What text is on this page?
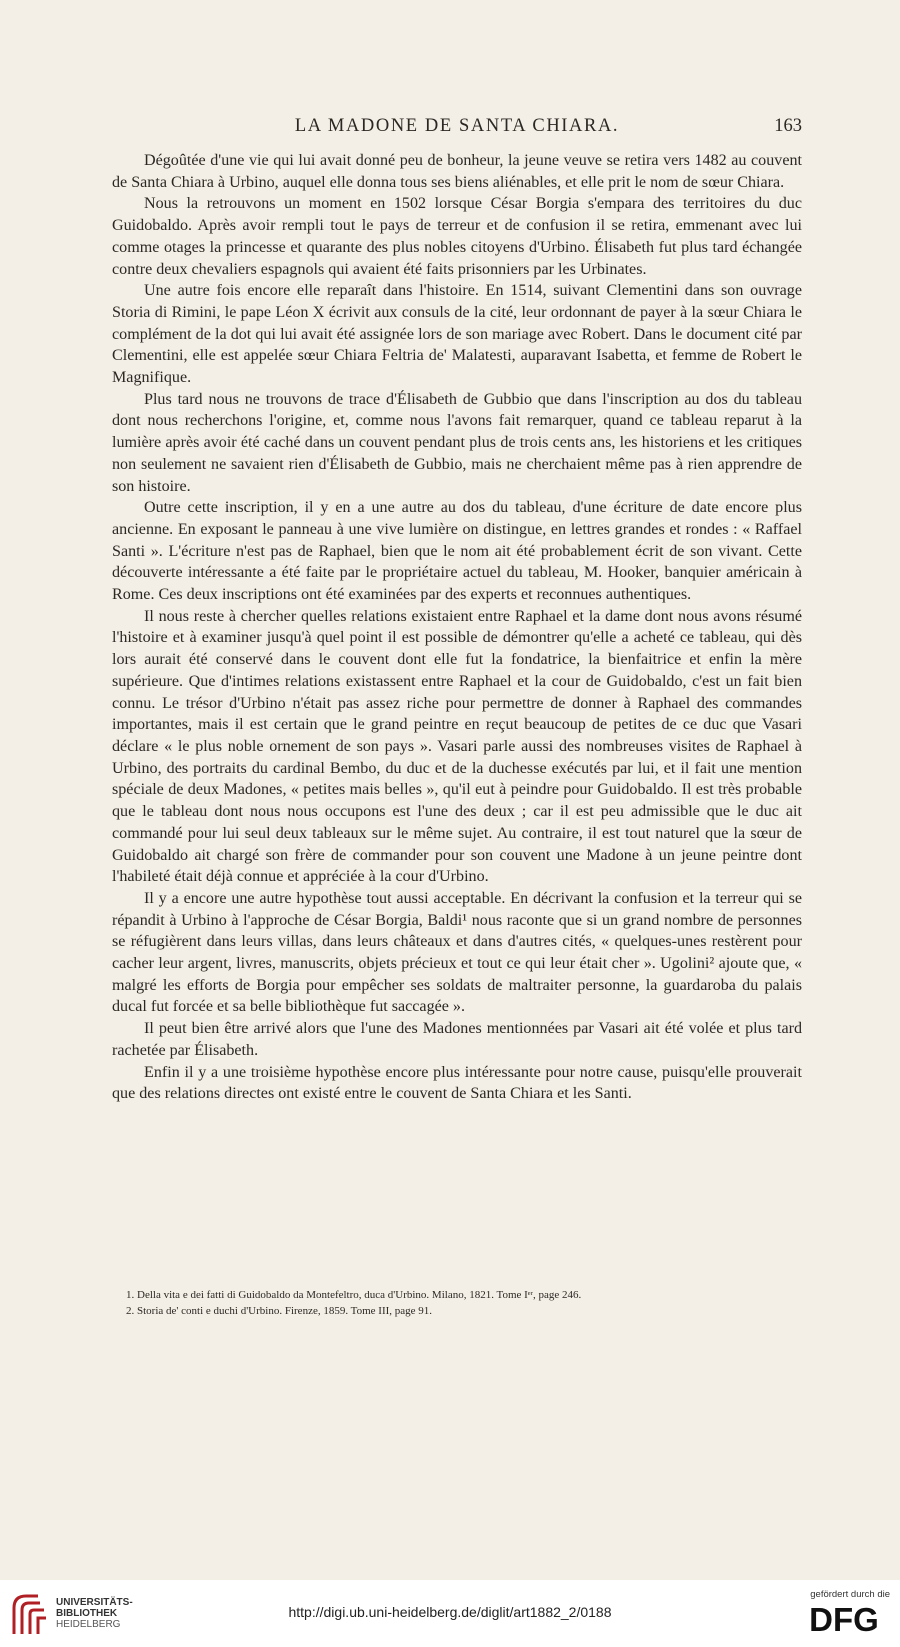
LA MADONE DE SANTA CHIARA.	163

Dégoûtée d'une vie qui lui avait donné peu de bonheur, la jeune veuve se retira vers 1482 au couvent de Santa Chiara à Urbino, auquel elle donna tous ses biens aliénables, et elle prit le nom de sœur Chiara.

Nous la retrouvons un moment en 1502 lorsque César Borgia s'empara des territoires du duc Guidobaldo. Après avoir rempli tout le pays de terreur et de confusion il se retira, emmenant avec lui comme otages la princesse et quarante des plus nobles citoyens d'Urbino. Élisabeth fut plus tard échangée contre deux chevaliers espagnols qui avaient été faits prisonniers par les Urbinates.

Une autre fois encore elle reparaît dans l'histoire. En 1514, suivant Clementini dans son ouvrage Storia di Rimini, le pape Léon X écrivit aux consuls de la cité, leur ordonnant de payer à la sœur Chiara le complément de la dot qui lui avait été assignée lors de son mariage avec Robert. Dans le document cité par Clementini, elle est appelée sœur Chiara Feltria de' Malatesti, auparavant Isabetta, et femme de Robert le Magnifique.

Plus tard nous ne trouvons de trace d'Élisabeth de Gubbio que dans l'inscription au dos du tableau dont nous recherchons l'origine, et, comme nous l'avons fait remarquer, quand ce tableau reparut à la lumière après avoir été caché dans un couvent pendant plus de trois cents ans, les historiens et les critiques non seulement ne savaient rien d'Élisabeth de Gubbio, mais ne cherchaient même pas à rien apprendre de son histoire.

Outre cette inscription, il y en a une autre au dos du tableau, d'une écriture de date encore plus ancienne. En exposant le panneau à une vive lumière on distingue, en lettres grandes et rondes : « Raffael Santi ». L'écriture n'est pas de Raphael, bien que le nom ait été probablement écrit de son vivant. Cette découverte intéressante a été faite par le propriétaire actuel du tableau, M. Hooker, banquier américain à Rome. Ces deux inscriptions ont été examinées par des experts et reconnues authentiques.

Il nous reste à chercher quelles relations existaient entre Raphael et la dame dont nous avons résumé l'histoire et à examiner jusqu'à quel point il est possible de démontrer qu'elle a acheté ce tableau, qui dès lors aurait été conservé dans le couvent dont elle fut la fondatrice, la bienfaitrice et enfin la mère supérieure. Que d'intimes relations existassent entre Raphael et la cour de Guidobaldo, c'est un fait bien connu. Le trésor d'Urbino n'était pas assez riche pour permettre de donner à Raphael des commandes importantes, mais il est certain que le grand peintre en reçut beaucoup de petites de ce duc que Vasari déclare « le plus noble ornement de son pays ». Vasari parle aussi des nombreuses visites de Raphael à Urbino, des portraits du cardinal Bembo, du duc et de la duchesse exécutés par lui, et il fait une mention spéciale de deux Madones, « petites mais belles », qu'il eut à peindre pour Guidobaldo. Il est très probable que le tableau dont nous nous occupons est l'une des deux ; car il est peu admissible que le duc ait commandé pour lui seul deux tableaux sur le même sujet. Au contraire, il est tout naturel que la sœur de Guidobaldo ait chargé son frère de commander pour son couvent une Madone à un jeune peintre dont l'habileté était déjà connue et appréciée à la cour d'Urbino.

Il y a encore une autre hypothèse tout aussi acceptable. En décrivant la confusion et la terreur qui se répandit à Urbino à l'approche de César Borgia, Baldi¹ nous raconte que si un grand nombre de personnes se réfugièrent dans leurs villas, dans leurs châteaux et dans d'autres cités, « quelques-unes restèrent pour cacher leur argent, livres, manuscrits, objets précieux et tout ce qui leur était cher ». Ugolini² ajoute que, « malgré les efforts de Borgia pour empêcher ses soldats de maltraiter personne, la guardaroba du palais ducal fut forcée et sa belle bibliothèque fut saccagée ».

Il peut bien être arrivé alors que l'une des Madones mentionnées par Vasari ait été volée et plus tard rachetée par Élisabeth.

Enfin il y a une troisième hypothèse encore plus intéressante pour notre cause, puisqu'elle prouverait que des relations directes ont existé entre le couvent de Santa Chiara et les Santi.

1. Della vita e dei fatti di Guidobaldo da Montefeltro, duca d'Urbino. Milano, 1821. Tome Iᵉʳ, page 246.
2. Storia de' conti e duchi d'Urbino. Firenze, 1859. Tome III, page 91.
UNIVERSITÄTS-
BIBLIOTHEK
HEIDELBERG
http://digi.ub.uni-heidelberg.de/diglit/art1882_2/0188
gefördert durch die
DFG
